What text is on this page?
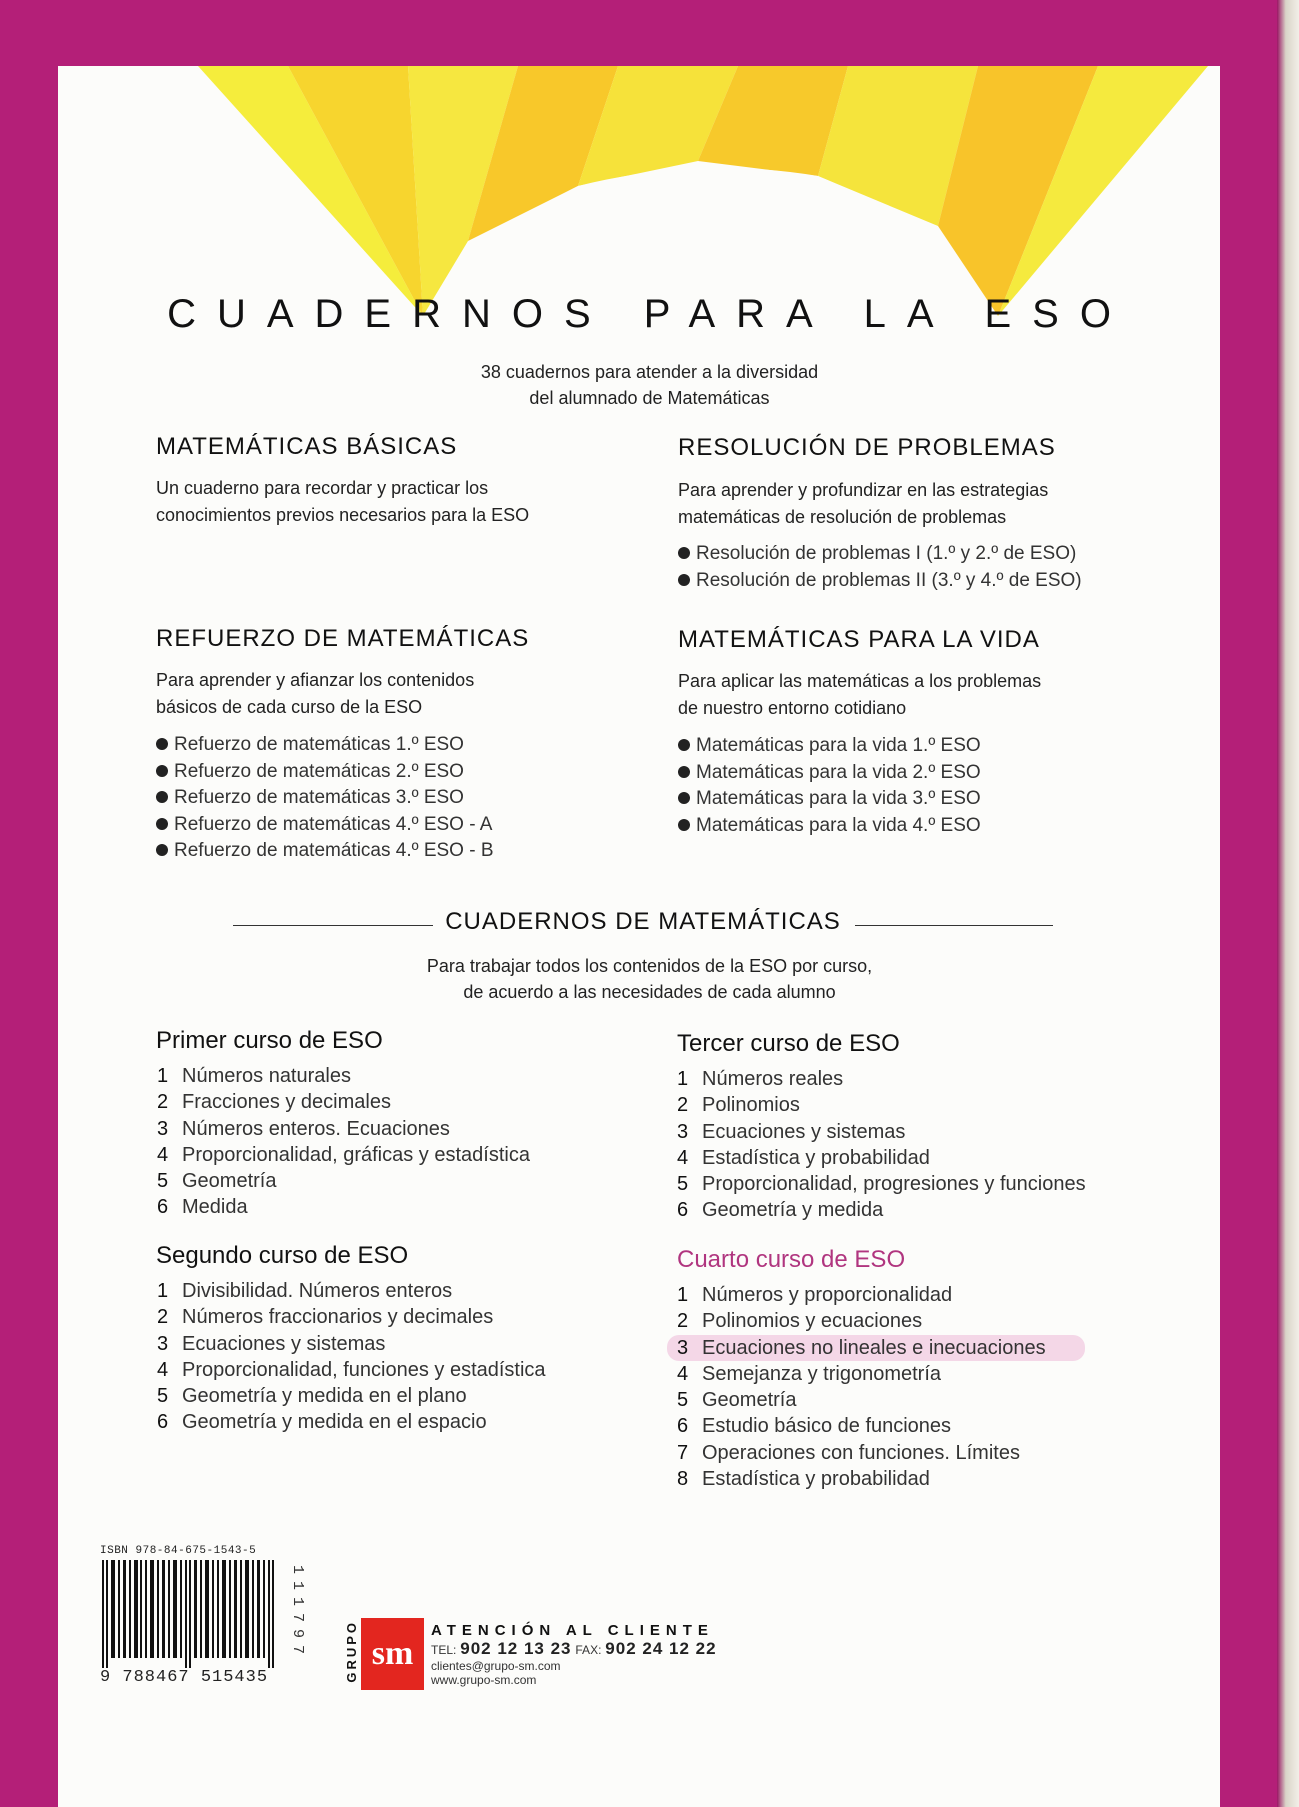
CUADERNOS PARA LA ESO
38 cuadernos para atender a la diversidad
del alumnado de Matemáticas
MATEMÁTICAS BÁSICAS
Un cuaderno para recordar y practicar los
conocimientos previos necesarios para la ESO
RESOLUCIÓN DE PROBLEMAS
Para aprender y profundizar en las estrategias
matemáticas de resolución de problemas
Resolución de problemas I (1.º y 2.º de ESO)
Resolución de problemas II (3.º y 4.º de ESO)
REFUERZO DE MATEMÁTICAS
Para aprender y afianzar los contenidos
básicos de cada curso de la ESO
Refuerzo de matemáticas 1.º ESO
Refuerzo de matemáticas 2.º ESO
Refuerzo de matemáticas 3.º ESO
Refuerzo de matemáticas 4.º ESO - A
Refuerzo de matemáticas 4.º ESO - B
MATEMÁTICAS PARA LA VIDA
Para aplicar las matemáticas a los problemas
de nuestro entorno cotidiano
Matemáticas para la vida 1.º ESO
Matemáticas para la vida 2.º ESO
Matemáticas para la vida 3.º ESO
Matemáticas para la vida 4.º ESO
CUADERNOS DE MATEMÁTICAS
Para trabajar todos los contenidos de la ESO por curso,
de acuerdo a las necesidades de cada alumno
Primer curso de ESO
1 Números naturales
2 Fracciones y decimales
3 Números enteros. Ecuaciones
4 Proporcionalidad, gráficas y estadística
5 Geometría
6 Medida
Segundo curso de ESO
1 Divisibilidad. Números enteros
2 Números fraccionarios y decimales
3 Ecuaciones y sistemas
4 Proporcionalidad, funciones y estadística
5 Geometría y medida en el plano
6 Geometría y medida en el espacio
Tercer curso de ESO
1 Números reales
2 Polinomios
3 Ecuaciones y sistemas
4 Estadística y probabilidad
5 Proporcionalidad, progresiones y funciones
6 Geometría y medida
Cuarto curso de ESO
1 Números y proporcionalidad
2 Polinomios y ecuaciones
3 Ecuaciones no lineales e inecuaciones
4 Semejanza y trigonometría
5 Geometría
6 Estudio básico de funciones
7 Operaciones con funciones. Límites
8 Estadística y probabilidad
ISBN 978-84-675-1543-5
9 788467 515435
111797	GRUPO sm
ATENCIÓN AL CLIENTE
TEL: 902 12 13 23 FAX: 902 24 12 22
clientes@grupo-sm.com
www.grupo-sm.com
